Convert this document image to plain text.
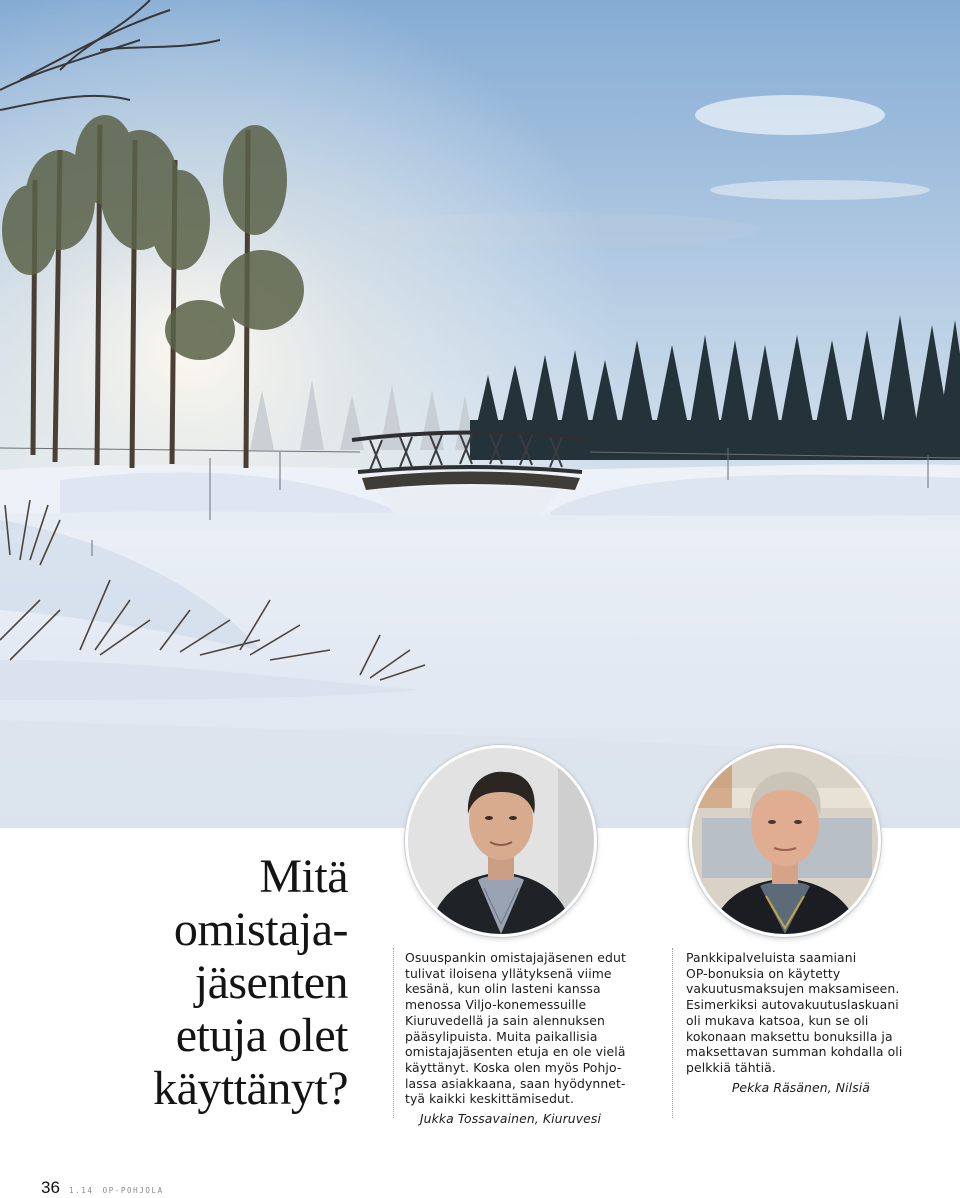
Mitä
omistaja-
jäsenten
etuja olet
käyttänyt?
Osuuspankin omistajajäsenen edut
tulivat iloisena yllätyksenä viime
kesänä, kun olin lasteni kanssa
menossa Viljo-konemessuille
Kiuruvedellä ja sain alennuksen
pääsylipuista. Muita paikallisia
omistajajäsenten etuja en ole vielä
käyttänyt. Koska olen myös Pohjo-
lassa asiakkaana, saan hyödynnet-
tyä kaikki keskittämisedut.
Jukka Tossavainen, Kiuruvesi
Pankkipalveluista saamiani
OP-bonuksia on käytetty
vakuutusmaksujen maksamiseen.
Esimerkiksi autovakuutuslaskuani
oli mukava katsoa, kun se oli
kokonaan maksettu bonuksilla ja
maksettavan summan kohdalla oli
pelkkiä tähtiä.
Pekka Räsänen, Nilsiä
36 1.14 OP-POHJOLA
